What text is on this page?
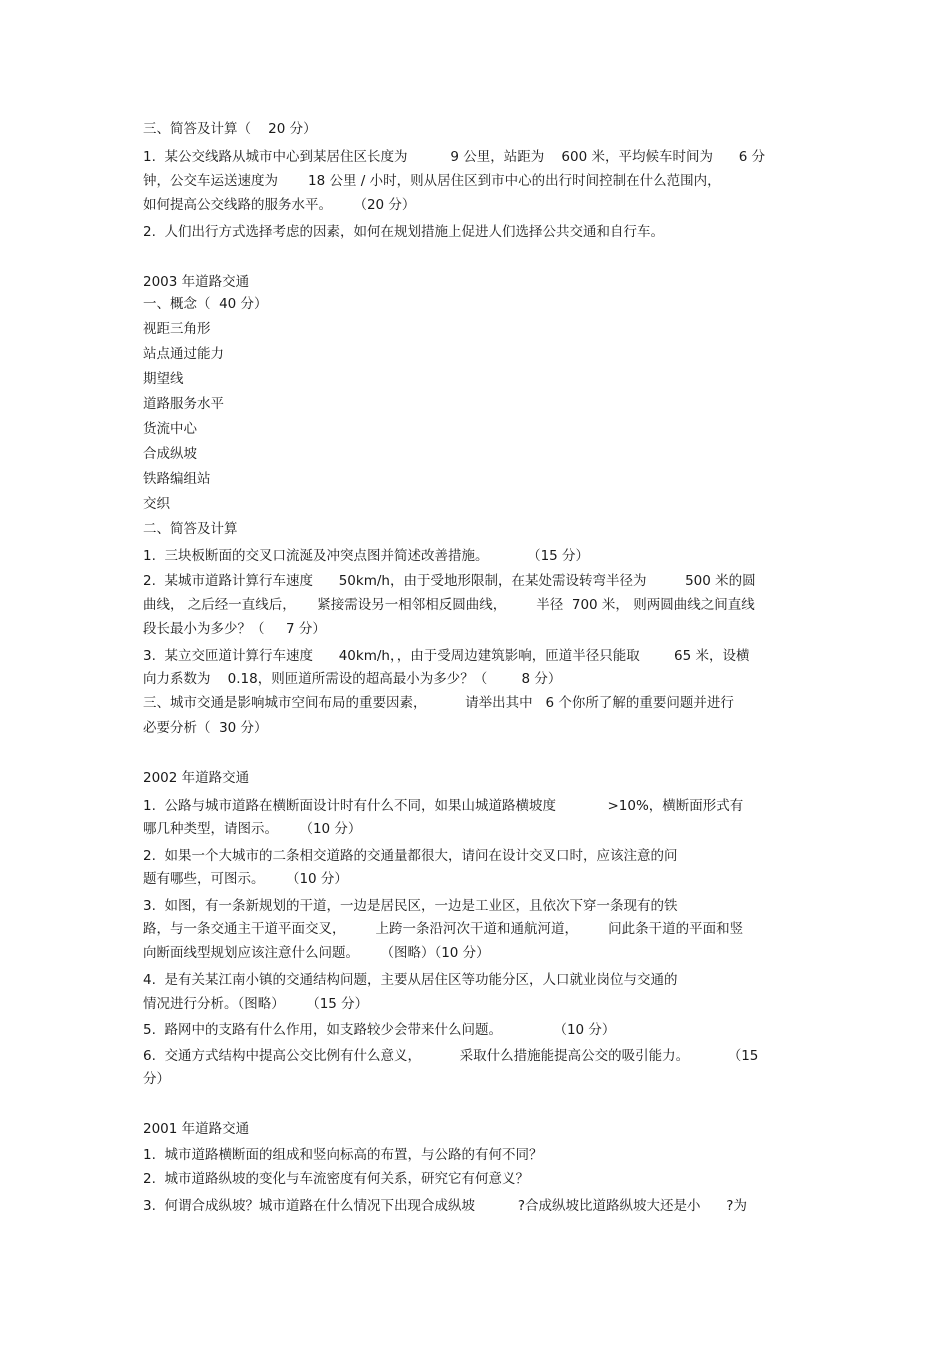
三、简答及计算（    20 分）
1.  某公交线路从城市中心到某居住区长度为          9 公里，站距为    600 米，平均候车时间为      6 分
钟，公交车运送速度为       18 公里 / 小时，则从居住区到市中心的出行时间控制在什么范围内，
如何提高公交线路的服务水平。     （20 分）
2.  人们出行方式选择考虑的因素，如何在规划措施上促进人们选择公共交通和自行车。
2003 年道路交通
一、概念（  40 分）
视距三角形
站点通过能力
期望线
道路服务水平
货流中心
合成纵坡
铁路编组站
交织
二、简答及计算
1.  三块板断面的交叉口流涎及冲突点图并简述改善措施。         （15 分）
2.  某城市道路计算行车速度      50km/h，由于受地形限制，在某处需设转弯半径为         500 米的圆
曲线， 之后经一直线后，     紧接需设另一相邻相反圆曲线，       半径  700 米， 则两圆曲线之间直线
段长最小为多少？（     7 分）
3.  某立交匝道计算行车速度      40km/h，，由于受周边建筑影响，匝道半径只能取        65 米，设横
向力系数为    0.18，则匝道所需设的超高最小为多少？（        8 分）
三、城市交通是影响城市空间布局的重要因素，         请举出其中   6 个你所了解的重要问题并进行
必要分析（  30 分）
2002 年道路交通
1.  公路与城市道路在横断面设计时有什么不同，如果山城道路横坡度            >10%，横断面形式有
哪几种类型，请图示。     （10 分）
2.  如果一个大城市的二条相交道路的交通量都很大，请问在设计交叉口时，应该注意的问
题有哪些，可图示。     （10 分）
3.  如图，有一条新规划的干道，一边是居民区，一边是工业区，且依次下穿一条现有的铁
路，与一条交通主干道平面交叉，       上跨一条沿河次干道和通航河道，       问此条干道的平面和竖
向断面线型规划应该注意什么问题。     （图略）（10 分）
4.  是有关某江南小镇的交通结构问题，主要从居住区等功能分区，人口就业岗位与交通的
情况进行分析。（图略）     （15 分）
5.  路网中的支路有什么作用，如支路较少会带来什么问题。            （10 分）
6.  交通方式结构中提高公交比例有什么意义，         采取什么措施能提高公交的吸引能力。         （15
分）
2001 年道路交通
1.  城市道路横断面的组成和竖向标高的布置，与公路的有何不同？
2.  城市道路纵坡的变化与车流密度有何关系，研究它有何意义？
3.  何谓合成纵坡？城市道路在什么情况下出现合成纵坡          ?合成纵坡比道路纵坡大还是小      ?为
